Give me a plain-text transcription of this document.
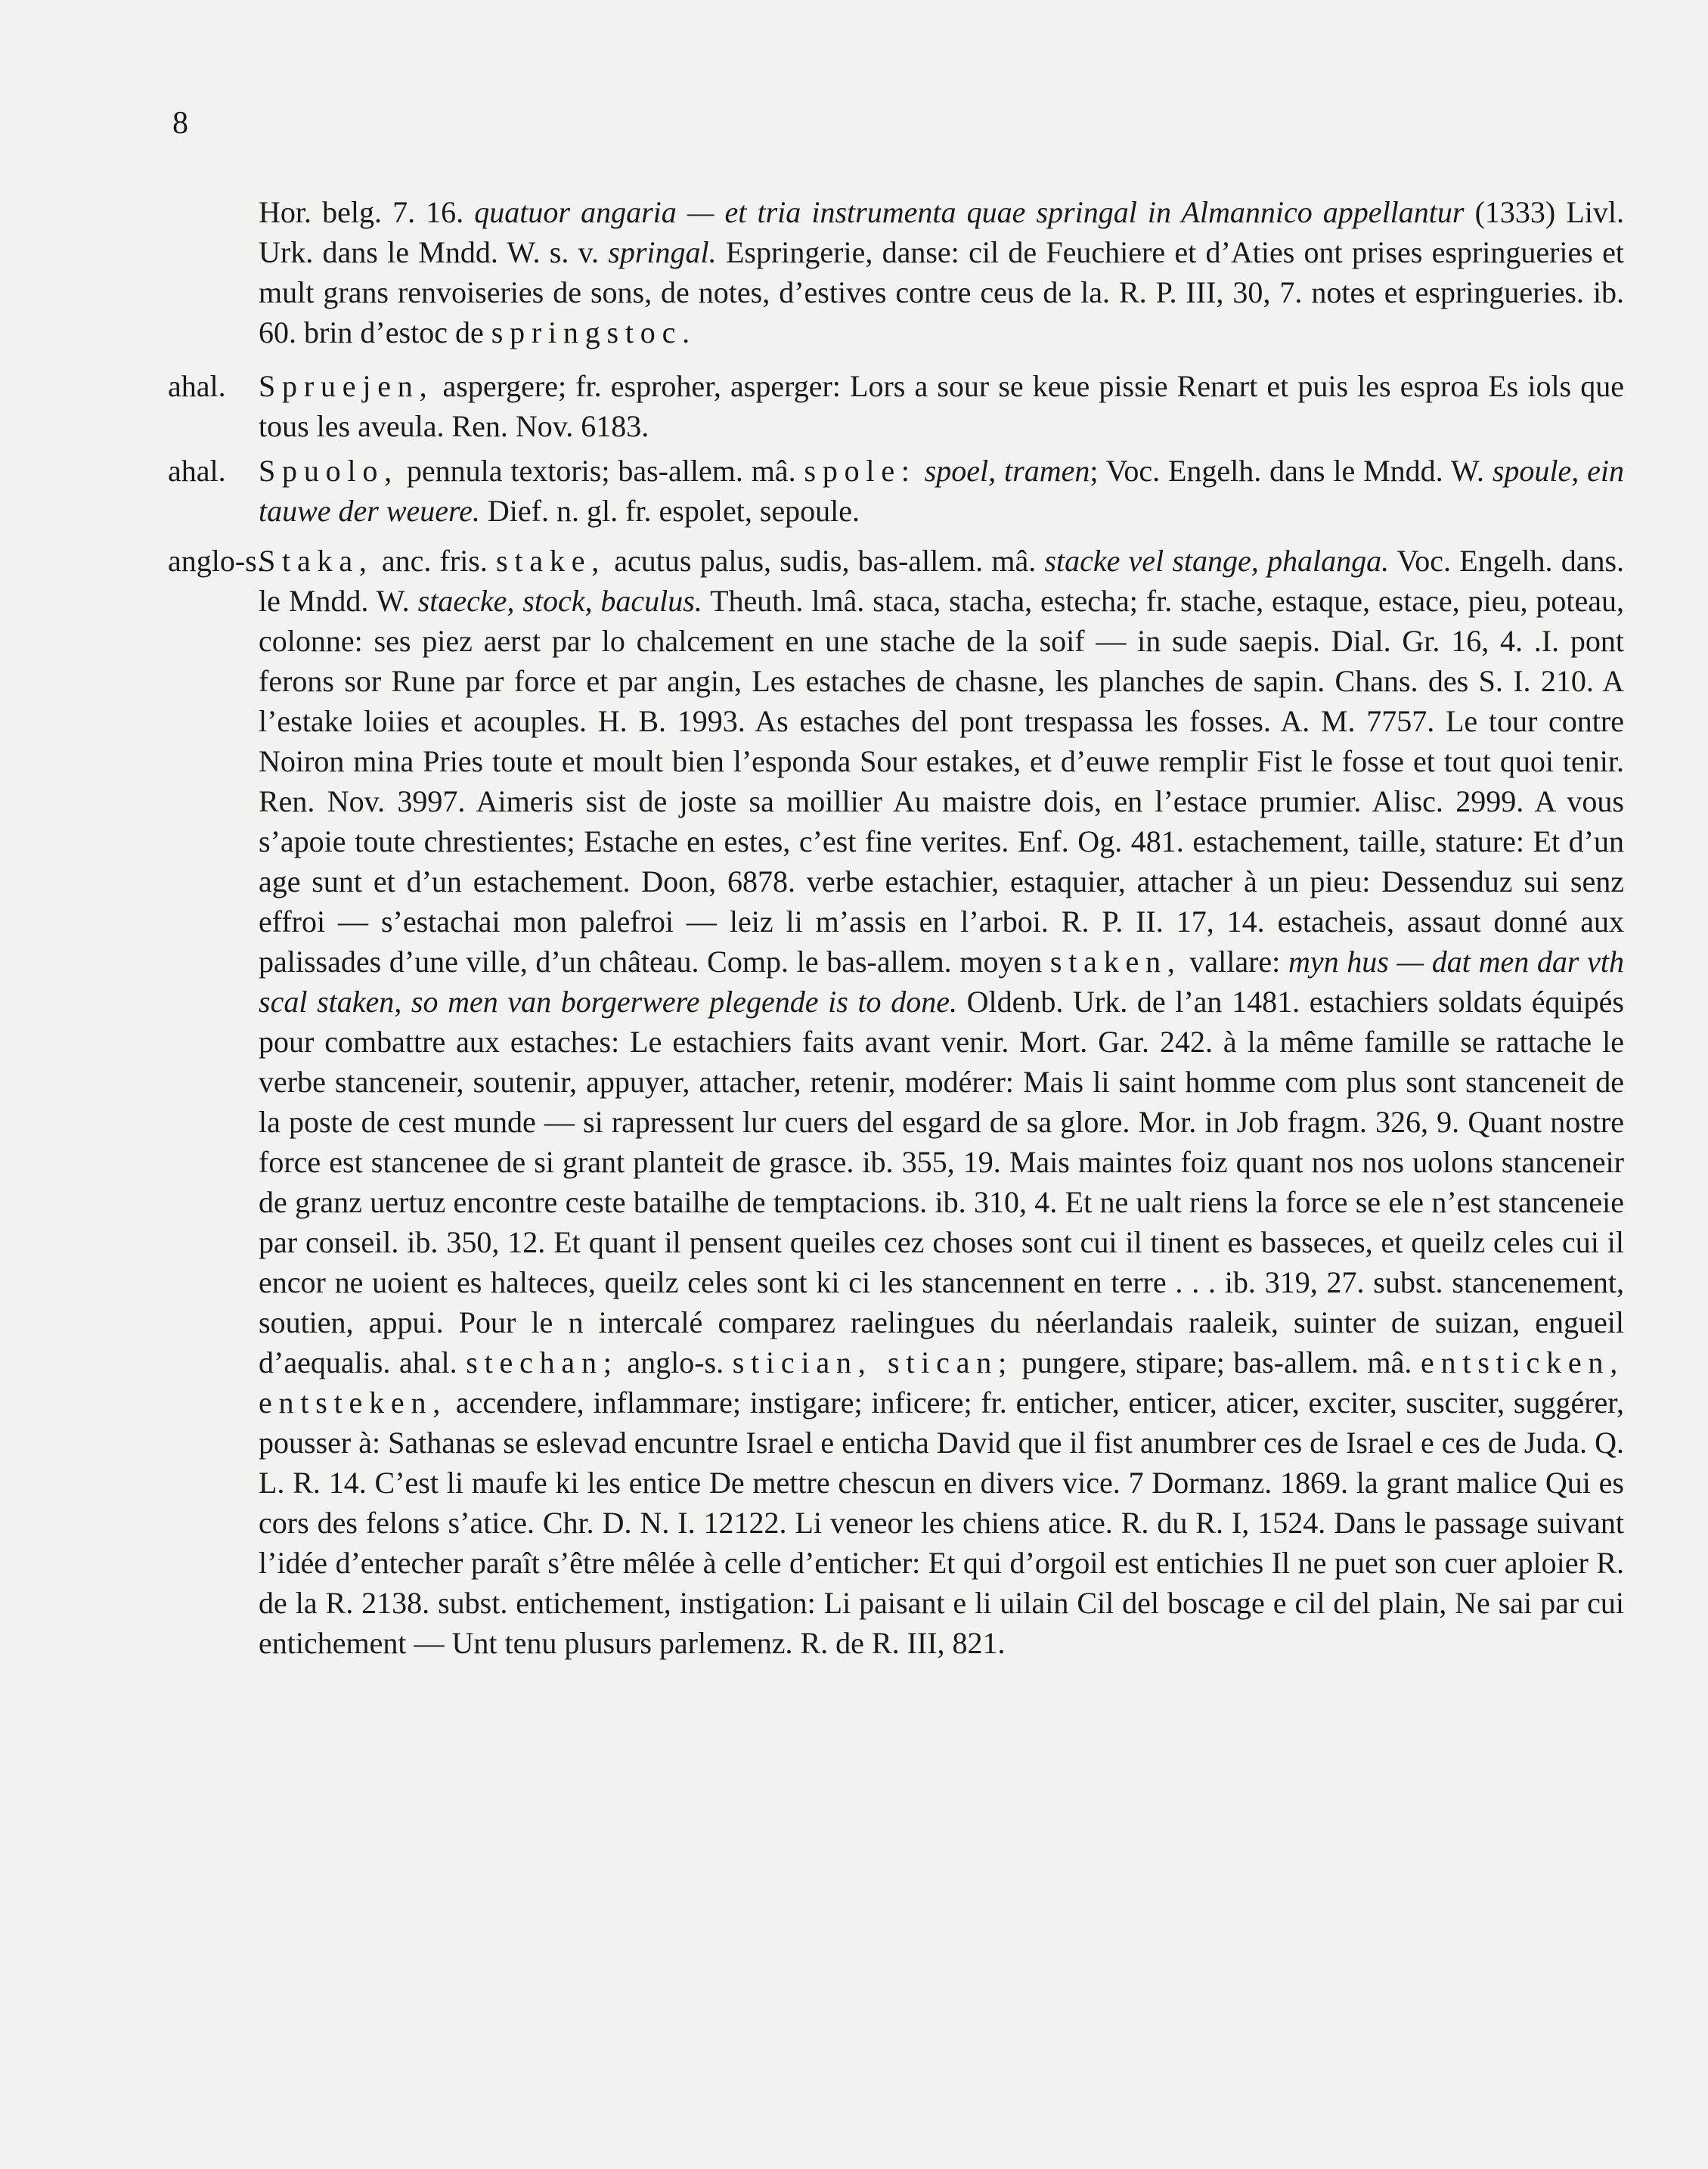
8
Hor. belg. 7. 16. quatuor angaria — et tria instrumenta quae springal in Almannico appellantur (1333) Livl. Urk. dans le Mndd. W. s. v. springal. Espringerie, danse: cil de Feuchiere et d’Aties ont prises espringueries et mult grans renvoiseries de sons, de notes, d’estives contre ceus de la. R. P. III, 30, 7. notes et espringueries. ib. 60. brin d’estoc de springstoc.
ahal. Spruejen, aspergere; fr. esproher, asperger: Lors a sour se keue pissie Renart et puis les esproa Es iols que tous les aveula. Ren. Nov. 6183.
ahal. Spuolo, pennula textoris; bas-allem. mâ. spole: spoel, tramen; Voc. Engelh. dans le Mndd. W. spoule, ein tauwe der weuere. Dief. n. gl. fr. espolet, sepoule.
anglo-s.
Staka, anc. fris. stake, acutus palus, sudis, bas-allem. mâ. stacke vel stange, phalanga. Voc. Engelh. dans. le Mndd. W. staecke, stock, baculus. Theuth. lmâ. staca, stacha, estecha; fr. stache, estaque, estace, pieu, poteau, colonne: ses piez aerst par lo chalcement en une stache de la soif — in sude saepis. Dial. Gr. 16, 4. .I. pont ferons sor Rune par force et par angin, Les estaches de chasne, les planches de sapin. Chans. des S. I. 210. A l’estake loiies et acouples. H. B. 1993. As estaches del pont trespassa les fosses. A. M. 7757. Le tour contre Noiron mina Pries toute et moult bien l’esponda Sour estakes, et d’euwe remplir Fist le fosse et tout quoi tenir. Ren. Nov. 3997. Aimeris sist de joste sa moillier Au maistre dois, en l’estace prumier. Alisc. 2999. A vous s’apoie toute chrestientes; Estache en estes, c’est fine verites. Enf. Og. 481. estachement, taille, stature: Et d’un age sunt et d’un estachement. Doon, 6878. verbe estachier, estaquier, attacher à un pieu: Dessenduz sui senz effroi — s’estachai mon palefroi — leiz li m’assis en l’arboi. R. P. II. 17, 14. estacheis, assaut donné aux palissades d’une ville, d’un château. Comp. le bas-allem. moyen staken, vallare: myn hus — dat men dar vth scal staken, so men van borgerwere plegende is to done. Oldenb. Urk. de l’an 1481. estachiers soldats équipés pour combattre aux estaches: Le estachiers faits avant venir. Mort. Gar. 242. à la même famille se rattache le verbe stanceneir, soutenir, appuyer, attacher, retenir, modérer: Mais li saint homme com plus sont stanceneit de la poste de cest munde — si rapressent lur cuers del esgard de sa glore. Mor. in Job fragm. 326, 9. Quant nostre force est stancenee de si grant planteit de grasce. ib. 355, 19. Mais maintes foiz quant nos nos uolons stanceneir de granz uertuz encontre ceste batailhe de temptacions. ib. 310, 4. Et ne ualt riens la force se ele n’est stanceneie par conseil. ib. 350, 12. Et quant il pensent queiles cez choses sont cui il tinent es basseces, et queilz celes cui il encor ne uoient es halteces, queilz celes sont ki ci les stancennent en terre . . . ib. 319, 27. subst. stancenement, soutien, appui. Pour le n intercalé comparez raelingues du néerlandais raaleik, suinter de suizan, engueil d’aequalis. ahal. stechan; anglo-s. stician, stican; pungere, stipare; bas-allem. mâ. entsticken, entsteken, accendere, inflammare; instigare; inficere; fr. enticher, enticer, aticer, exciter, susciter, suggérer, pousser à: Sathanas se eslevad encuntre Israel e enticha David que il fist anumbrer ces de Israel e ces de Juda. Q. L. R. 14. C’est li maufe ki les entice De mettre chescun en divers vice. 7 Dormanz. 1869. la grant malice Qui es cors des felons s’atice. Chr. D. N. I. 12122. Li veneor les chiens atice. R. du R. I, 1524. Dans le passage suivant l’idée d’entecher paraît s’être mêlée à celle d’enticher: Et qui d’orgoil est entichies Il ne puet son cuer aploier R. de la R. 2138. subst. entichement, instigation: Li paisant e li uilain Cil del boscage e cil del plain, Ne sai par cui entichement — Unt tenu plusurs parlemenz. R. de R. III, 821.
